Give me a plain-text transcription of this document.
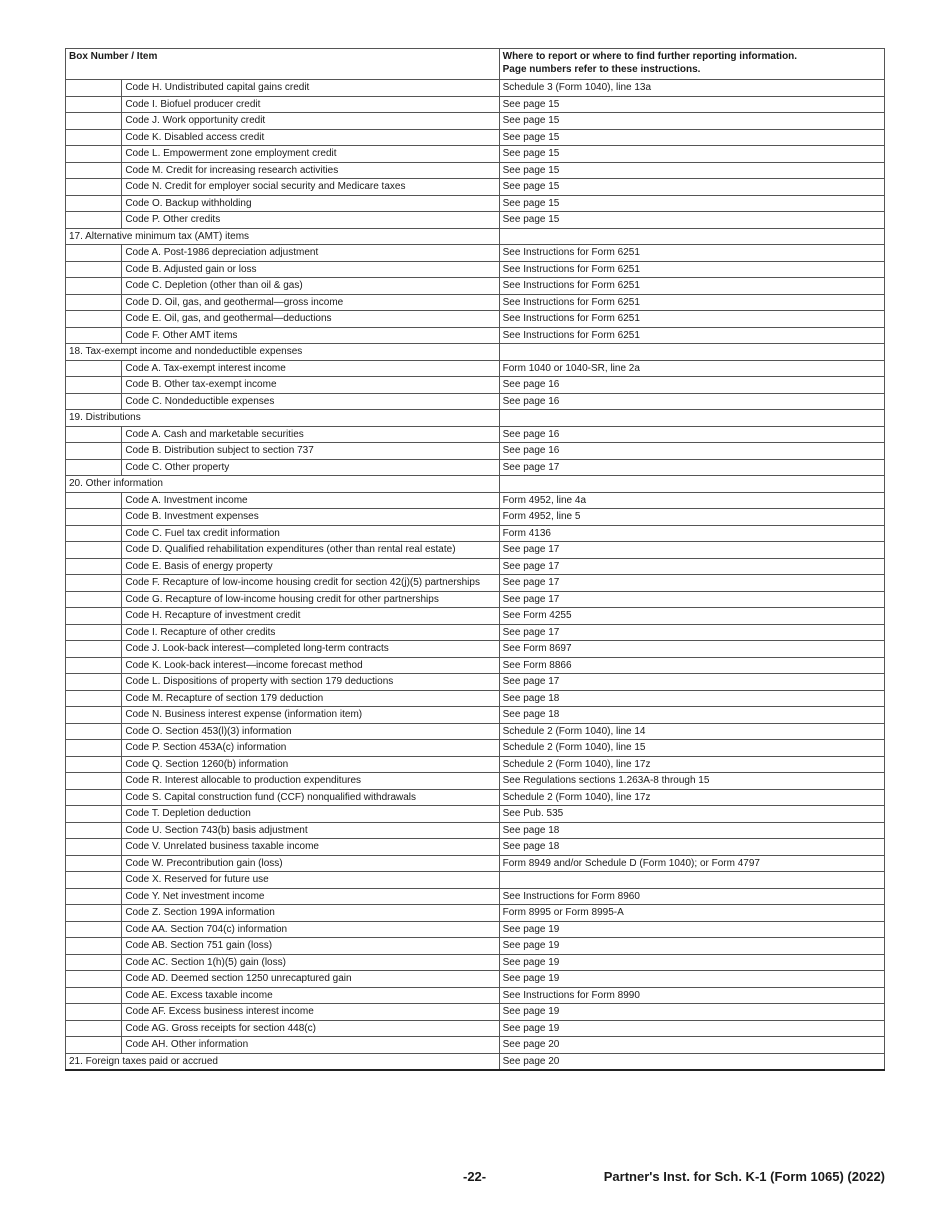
Box Number / Item		Where to report or where to find further reporting information.
Page numbers refer to these instructions.
	Code H. Undistributed capital gains credit	Schedule 3 (Form 1040), line 13a
	Code I. Biofuel producer credit	See page 15
	Code J. Work opportunity credit	See page 15
	Code K. Disabled access credit	See page 15
	Code L. Empowerment zone employment credit	See page 15
	Code M. Credit for increasing research activities	See page 15
	Code N. Credit for employer social security and Medicare taxes	See page 15
	Code O. Backup withholding	See page 15
	Code P. Other credits	See page 15
17. Alternative minimum tax (AMT) items		
	Code A. Post-1986 depreciation adjustment	See Instructions for Form 6251
	Code B. Adjusted gain or loss	See Instructions for Form 6251
	Code C. Depletion (other than oil & gas)	See Instructions for Form 6251
	Code D. Oil, gas, and geothermal—gross income	See Instructions for Form 6251
	Code E. Oil, gas, and geothermal—deductions	See Instructions for Form 6251
	Code F. Other AMT items	See Instructions for Form 6251
18. Tax-exempt income and nondeductible expenses		
	Code A. Tax-exempt interest income	Form 1040 or 1040-SR, line 2a
	Code B. Other tax-exempt income	See page 16
	Code C. Nondeductible expenses	See page 16
19. Distributions		
	Code A. Cash and marketable securities	See page 16
	Code B. Distribution subject to section 737	See page 16
	Code C. Other property	See page 17
20. Other information		
	Code A. Investment income	Form 4952, line 4a
	Code B. Investment expenses	Form 4952, line 5
	Code C. Fuel tax credit information	Form 4136
	Code D. Qualified rehabilitation expenditures (other than rental real estate)	See page 17
	Code E. Basis of energy property	See page 17
	Code F. Recapture of low-income housing credit for section 42(j)(5) partnerships	See page 17
	Code G. Recapture of low-income housing credit for other partnerships	See page 17
	Code H. Recapture of investment credit	See Form 4255
	Code I. Recapture of other credits	See page 17
	Code J. Look-back interest—completed long-term contracts	See Form 8697
	Code K. Look-back interest—income forecast method	See Form 8866
	Code L. Dispositions of property with section 179 deductions	See page 17
	Code M. Recapture of section 179 deduction	See page 18
	Code N. Business interest expense (information item)	See page 18
	Code O. Section 453(l)(3) information	Schedule 2 (Form 1040), line 14
	Code P. Section 453A(c) information	Schedule 2 (Form 1040), line 15
	Code Q. Section 1260(b) information	Schedule 2 (Form 1040), line 17z
	Code R. Interest allocable to production expenditures	See Regulations sections 1.263A-8 through 15
	Code S. Capital construction fund (CCF) nonqualified withdrawals	Schedule 2 (Form 1040), line 17z
	Code T. Depletion deduction	See Pub. 535
	Code U. Section 743(b) basis adjustment	See page 18
	Code V. Unrelated business taxable income	See page 18
	Code W. Precontribution gain (loss)	Form 8949 and/or Schedule D (Form 1040); or Form 4797
	Code X. Reserved for future use	
	Code Y. Net investment income	See Instructions for Form 8960
	Code Z. Section 199A information	Form 8995 or Form 8995-A
	Code AA. Section 704(c) information	See page 19
	Code AB. Section 751 gain (loss)	See page 19
	Code AC. Section 1(h)(5) gain (loss)	See page 19
	Code AD. Deemed section 1250 unrecaptured gain	See page 19
	Code AE. Excess taxable income	See Instructions for Form 8990
	Code AF. Excess business interest income	See page 19
	Code AG. Gross receipts for section 448(c)	See page 19
	Code AH. Other information	See page 20
21. Foreign taxes paid or accrued		See page 20
-22-	Partner's Inst. for Sch. K-1 (Form 1065) (2022)
